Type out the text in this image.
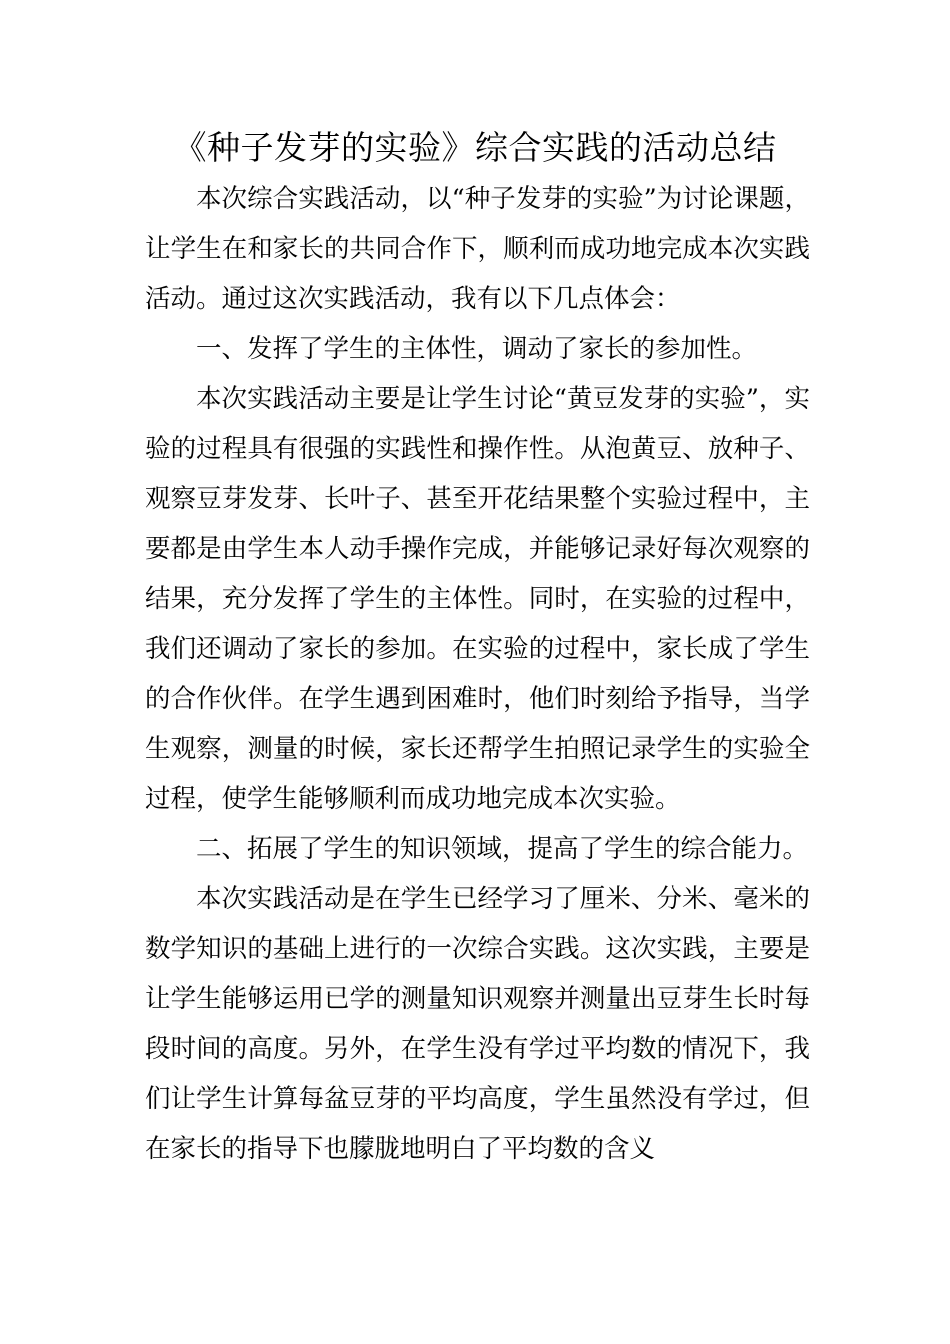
《种子发芽的实验》综合实践的活动总结

本次综合实践活动，以“种子发芽的实验”为讨论课题，让学生在和家长的共同合作下，顺利而成功地完成本次实践活动。通过这次实践活动，我有以下几点体会：

一、发挥了学生的主体性，调动了家长的参加性。

本次实践活动主要是让学生讨论“黄豆发芽的实验”，实验的过程具有很强的实践性和操作性。从泡黄豆、放种子、观察豆芽发芽、长叶子、甚至开花结果整个实验过程中，主要都是由学生本人动手操作完成，并能够记录好每次观察的结果，充分发挥了学生的主体性。同时，在实验的过程中，我们还调动了家长的参加。在实验的过程中，家长成了学生的合作伙伴。在学生遇到困难时，他们时刻给予指导，当学生观察，测量的时候，家长还帮学生拍照记录学生的实验全过程，使学生能够顺利而成功地完成本次实验。

二、拓展了学生的知识领域，提高了学生的综合能力。

本次实践活动是在学生已经学习了厘米、分米、毫米的数学知识的基础上进行的一次综合实践。这次实践，主要是让学生能够运用已学的测量知识观察并测量出豆芽生长时每段时间的高度。另外，在学生没有学过平均数的情况下，我们让学生计算每盆豆芽的平均高度，学生虽然没有学过，但在家长的指导下也朦胧地明白了平均数的含义
